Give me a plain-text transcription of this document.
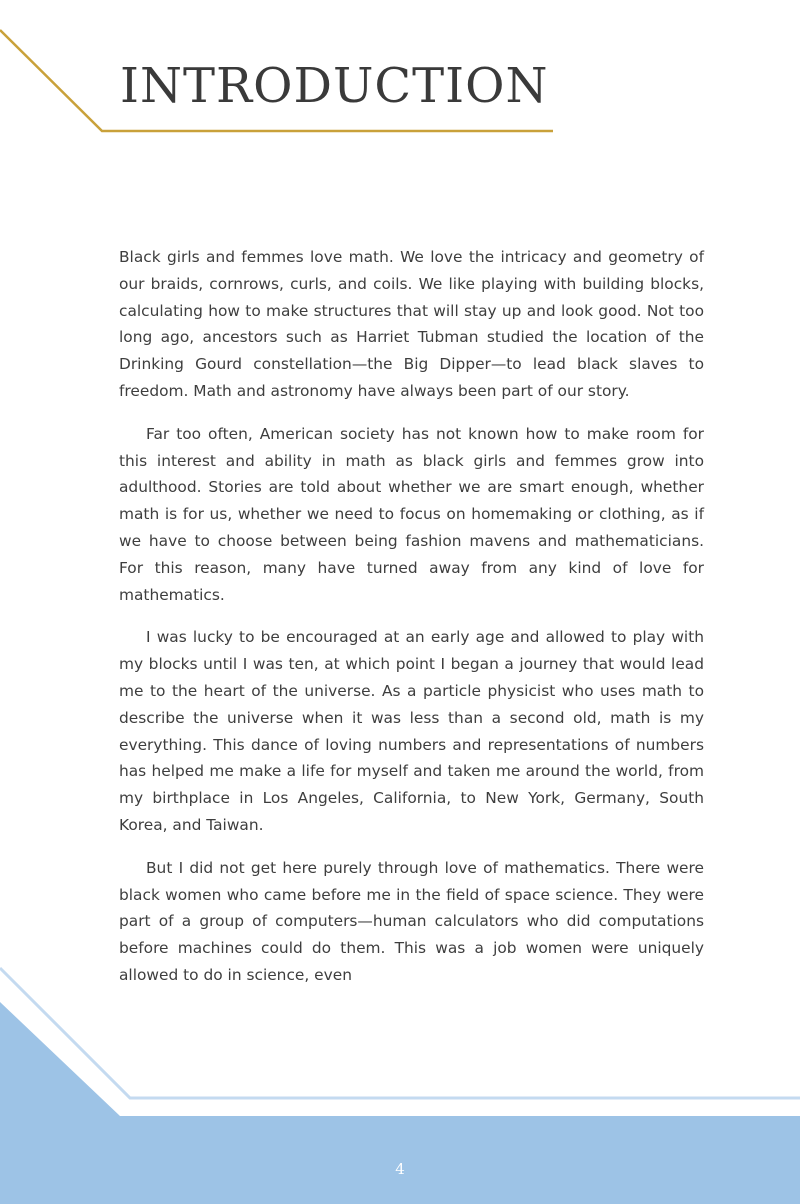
INTRODUCTION

Black girls and femmes love math. We love the intricacy and geometry of our braids, cornrows, curls, and coils. We like playing with building blocks, calculating how to make structures that will stay up and look good. Not too long ago, ancestors such as Harriet Tubman studied the location of the Drinking Gourd constellation—the Big Dipper—to lead black slaves to freedom. Math and astronomy have always been part of our story.

Far too often, American society has not known how to make room for this interest and ability in math as black girls and femmes grow into adulthood. Stories are told about whether we are smart enough, whether math is for us, whether we need to focus on homemaking or clothing, as if we have to choose between being fashion mavens and mathematicians. For this reason, many have turned away from any kind of love for mathematics.

I was lucky to be encouraged at an early age and allowed to play with my blocks until I was ten, at which point I began a journey that would lead me to the heart of the universe. As a particle physicist who uses math to describe the universe when it was less than a second old, math is my everything. This dance of loving numbers and representations of numbers has helped me make a life for myself and taken me around the world, from my birthplace in Los Angeles, California, to New York, Germany, South Korea, and Taiwan.

But I did not get here purely through love of mathematics. There were black women who came before me in the field of space science. They were part of a group of computers—human calculators who did computations before machines could do them. This was a job women were uniquely allowed to do in science, even

4
